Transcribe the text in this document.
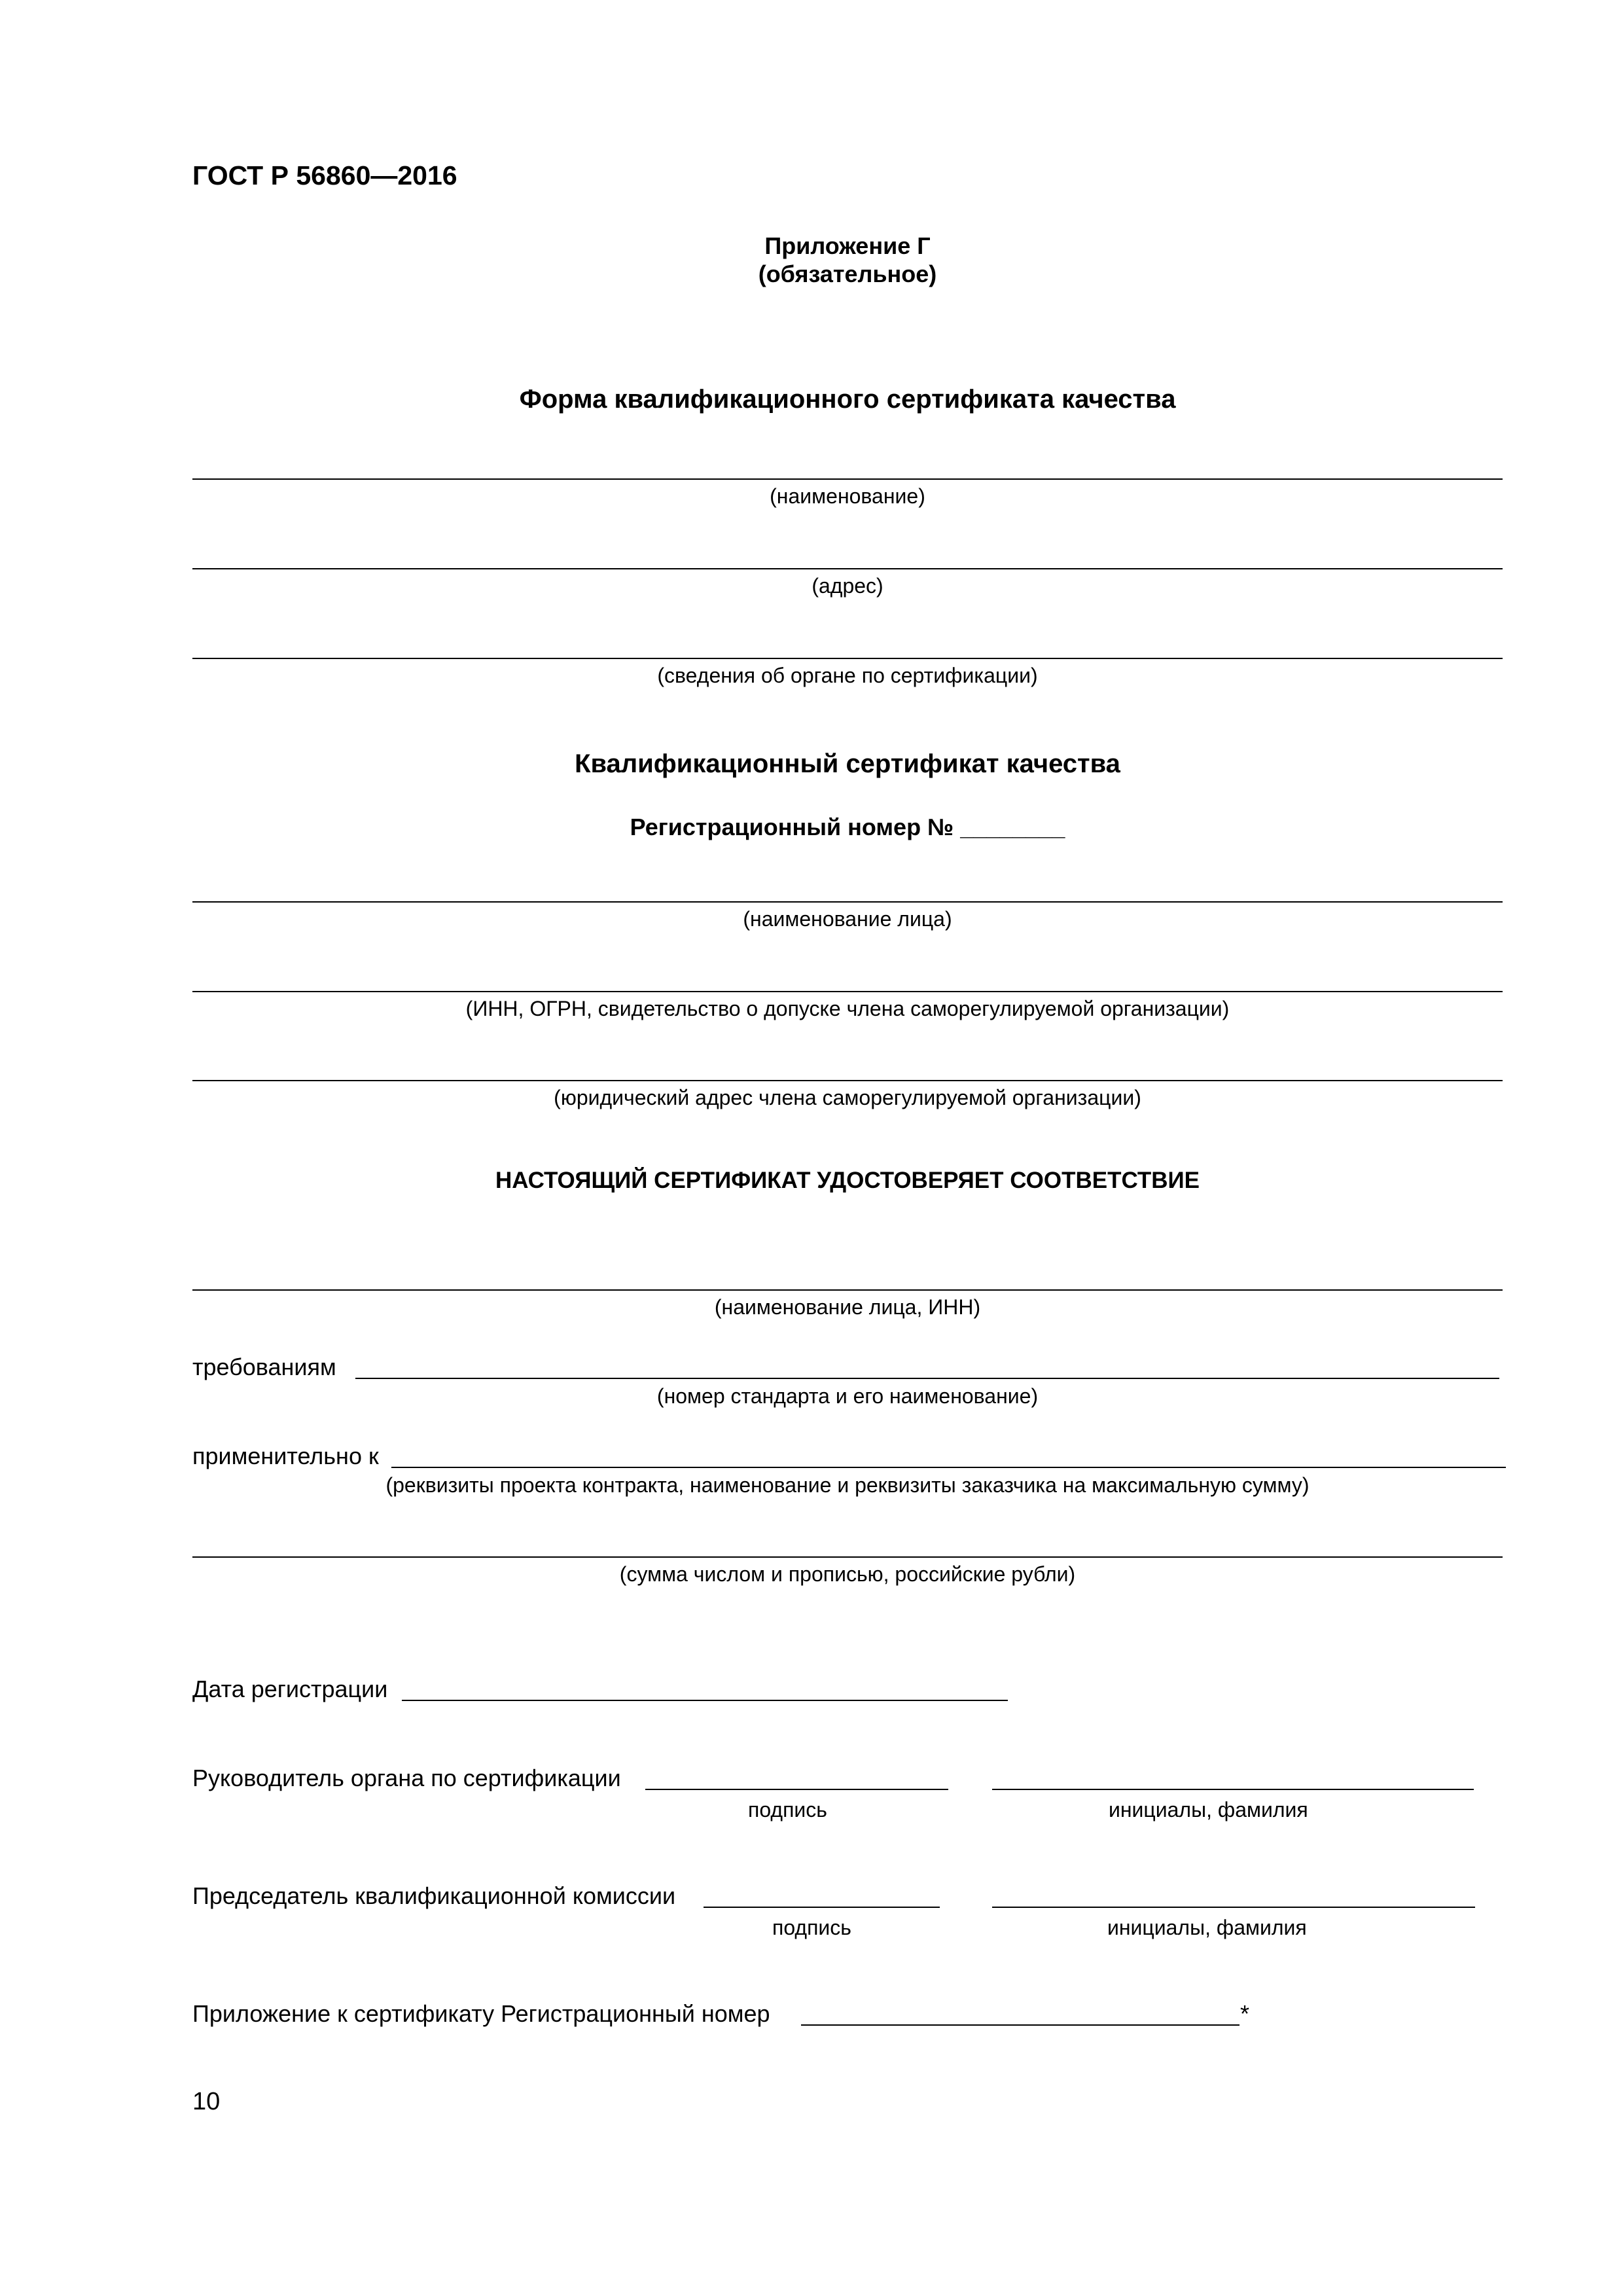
ГОСТ Р 56860—2016
Приложение Г
(обязательное)
Форма квалификационного сертификата качества
(наименование)
(адрес)
(сведения об органе по сертификации)
Квалификационный сертификат качества
Регистрационный номер № ________
(наименование лица)
(ИНН, ОГРН, свидетельство о допуске члена саморегулируемой организации)
(юридический адрес члена саморегулируемой организации)
НАСТОЯЩИЙ СЕРТИФИКАТ УДОСТОВЕРЯЕТ СООТВЕТСТВИЕ
(наименование лица, ИНН)
требованиям
(номер стандарта и его наименование)
применительно к
(реквизиты проекта контракта, наименование и реквизиты заказчика на максимальную сумму)
(сумма числом и прописью, российские рубли)
Дата регистрации
Руководитель органа по сертификации
подпись	инициалы, фамилия
Председатель квалификационной комиссии
подпись	инициалы, фамилия
Приложение к сертификату Регистрационный номер	*
10
